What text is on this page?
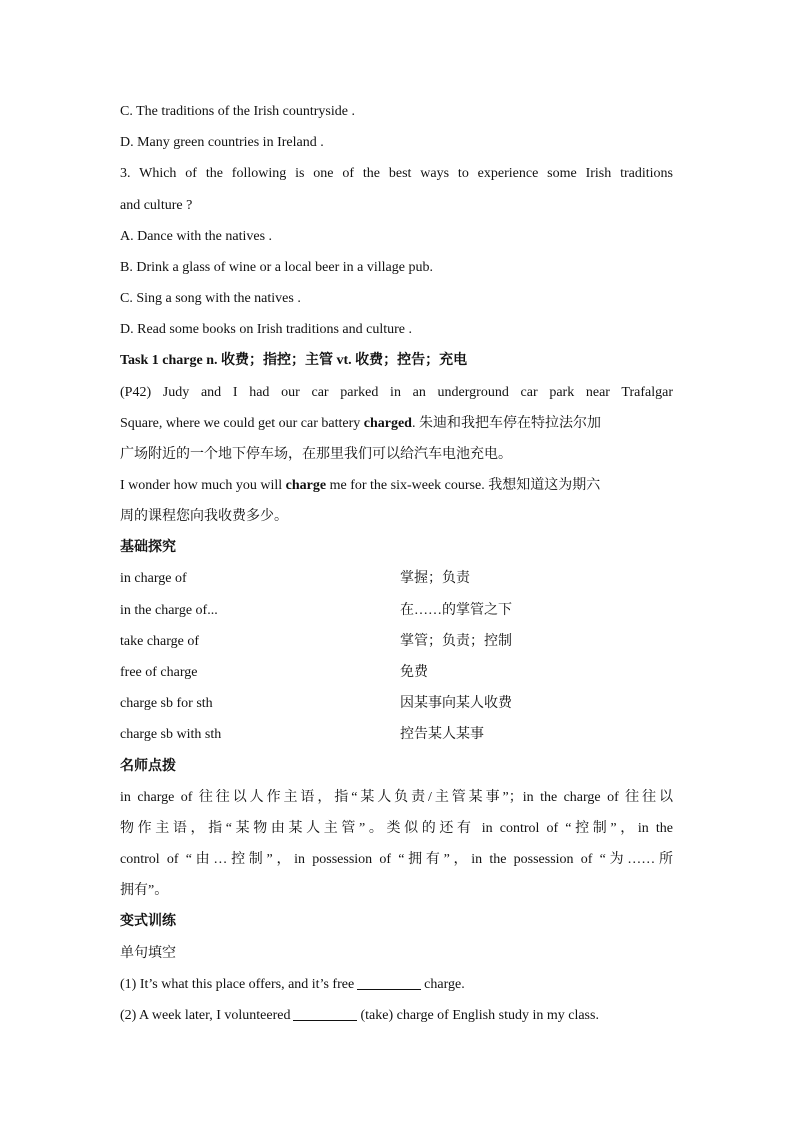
C. The traditions of the Irish countryside .
D. Many green countries in Ireland .
3. Which of the following is one of the best ways to experience some Irish traditions
and culture ?
A. Dance with the natives .
B. Drink a glass of wine or a local beer in a village pub.
C. Sing a song with the natives .
D. Read some books on Irish traditions and culture .
Task 1 charge n. 收费；指控；主管 vt. 收费；控告；充电
(P42) Judy and I had our car parked in an underground car park near Trafalgar
Square, where we could get our car battery charged. 朱迪和我把车停在特拉法尔加
广场附近的一个地下停车场，在那里我们可以给汽车电池充电。
I wonder how much you will charge me for the six-week course. 我想知道这为期六
周的课程您向我收费多少。
基础探究
in charge of	掌握；负责
in the charge of...	在……的掌管之下
take charge of	掌管；负责；控制
free of charge	免费
charge sb for sth	因某事向某人收费
charge sb with sth	控告某人某事
名师点拨
in charge of 往往以人作主语，指“某人负责/主管某事”；in the charge of 往往以
物作主语，指“某物由某人主管”。类似的还有 in control of “控制”，in the
control of “由…控制”，in possession of “拥有”，in the possession of “为……所
拥有”。
变式训练
单句填空
(1) It’s what this place offers, and it’s free	charge.
(2) A week later, I volunteered	(take) charge of English study in my class.
